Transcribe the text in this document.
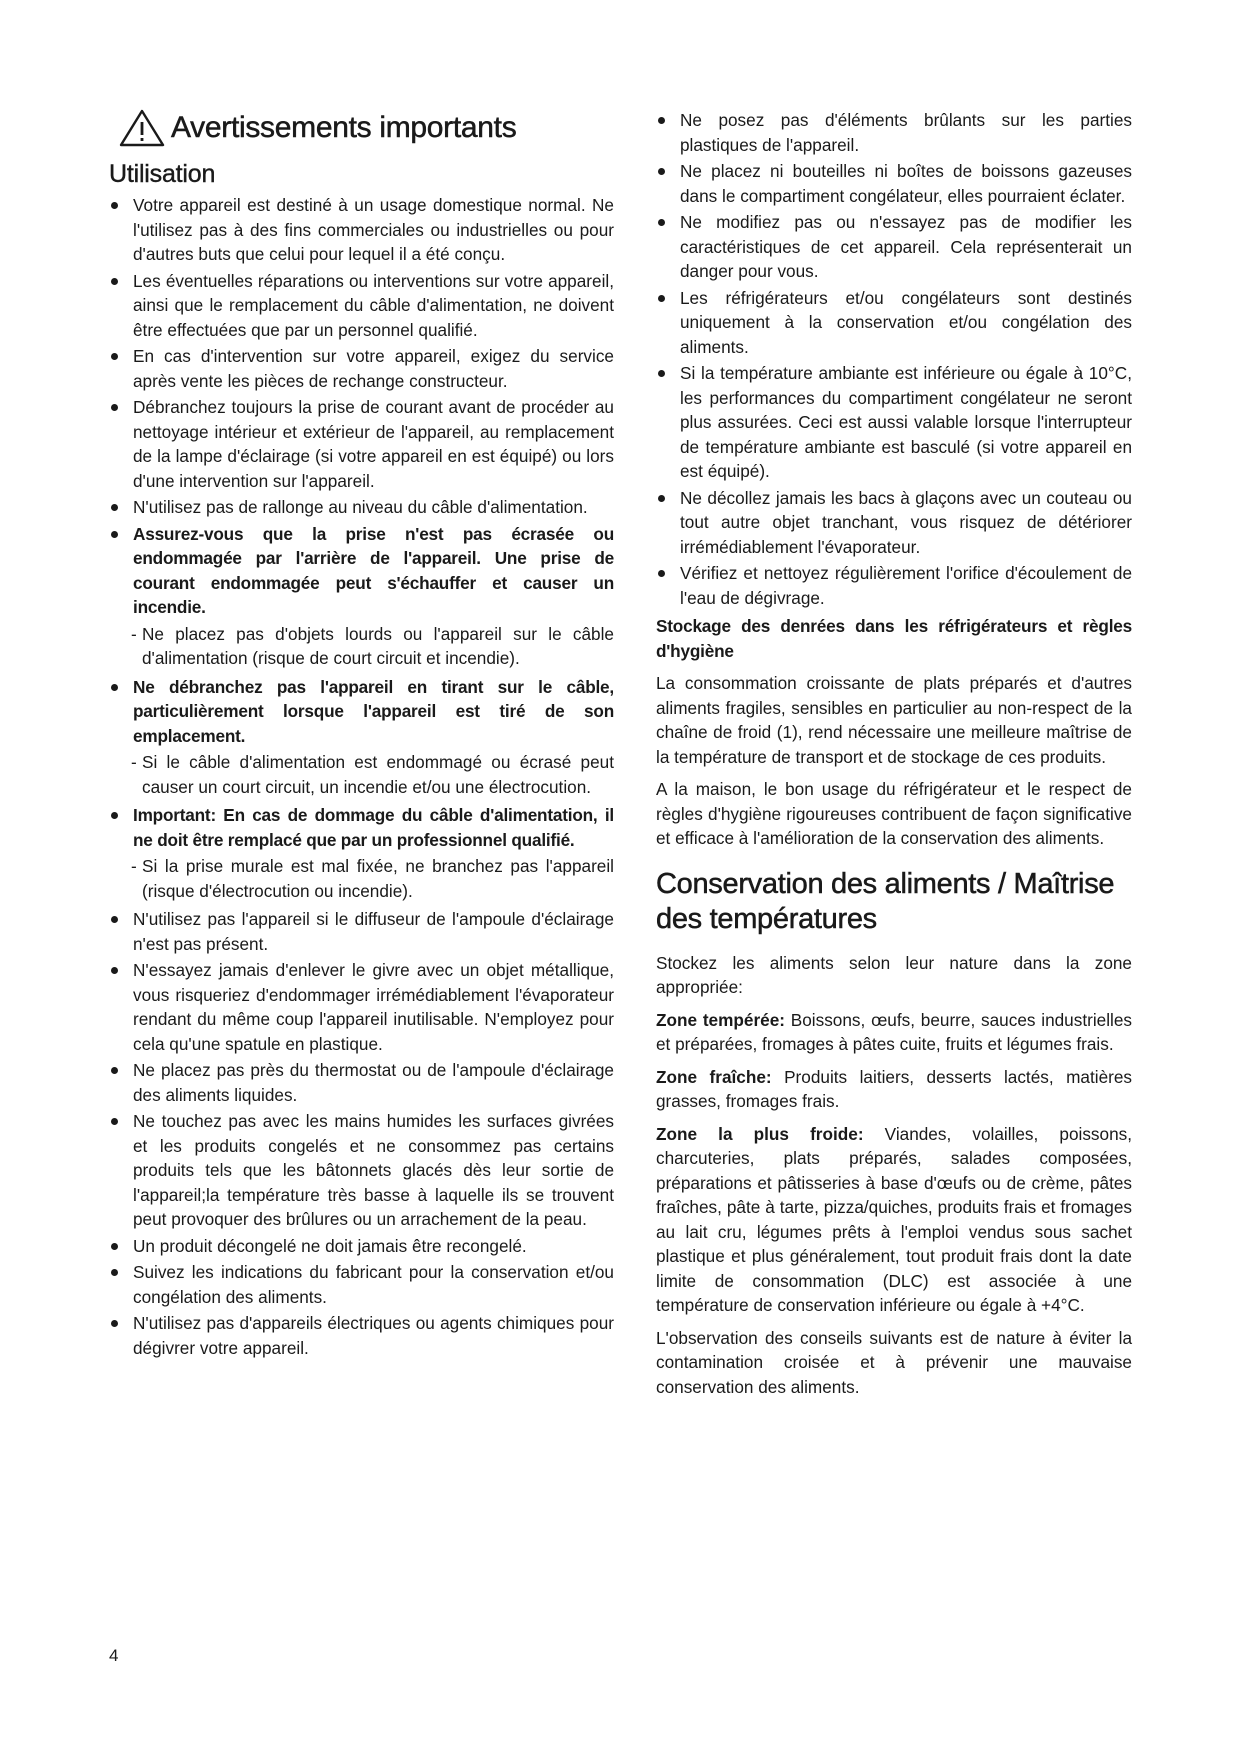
Avertissements importants
Utilisation
Votre appareil est destiné à un usage domestique normal. Ne l'utilisez pas à des fins commerciales ou industrielles ou pour d'autres buts que celui pour lequel il a été conçu.
Les éventuelles réparations ou interventions sur votre appareil, ainsi que le remplacement du câble d'alimentation, ne doivent être effectuées que par un personnel qualifié.
En cas d'intervention sur votre appareil, exigez du service après vente les pièces de rechange constructeur.
Débranchez toujours la prise de courant avant de procéder au nettoyage intérieur et extérieur de l'appareil, au remplacement de la lampe d'éclairage (si votre appareil en est équipé) ou lors d'une intervention sur l'appareil.
N'utilisez pas de rallonge au niveau du câble d'alimentation.
Assurez-vous que la prise n'est pas écrasée ou endommagée par l'arrière de l'appareil. Une prise de courant endommagée peut s'échauffer et causer un incendie.
- Ne placez pas d'objets lourds ou l'appareil sur le câble d'alimentation (risque de court circuit et incendie).
Ne débranchez pas l'appareil en tirant sur le câble, particulièrement lorsque l'appareil est tiré de son emplacement.
- Si le câble d'alimentation est endommagé ou écrasé peut causer un court circuit, un incendie et/ou une électrocution.
Important: En cas de dommage du câble d'alimentation, il ne doit être remplacé que par un professionnel qualifié.
- Si la prise murale est mal fixée, ne branchez pas l'appareil (risque d'électrocution ou incendie).
N'utilisez pas l'appareil si le diffuseur de l'ampoule d'éclairage n'est pas présent.
N'essayez jamais d'enlever le givre avec un objet métallique, vous risqueriez d'endommager irrémédiablement l'évaporateur rendant du même coup l'appareil inutilisable. N'employez pour cela qu'une spatule en plastique.
Ne placez pas près du thermostat ou de l'ampoule d'éclairage des aliments liquides.
Ne touchez pas avec les mains humides les surfaces givrées et les produits congelés et ne consommez pas certains produits tels que les bâtonnets glacés dès leur sortie de l'appareil;la température très basse à laquelle ils se trouvent peut provoquer des brûlures ou un arrachement de la peau.
Un produit décongelé ne doit jamais être recongelé.
Suivez les indications du fabricant pour la conservation et/ou congélation des aliments.
N'utilisez pas d'appareils électriques ou agents chimiques pour dégivrer votre appareil.
Ne posez pas d'éléments brûlants sur les parties plastiques de l'appareil.
Ne placez ni bouteilles ni boîtes de boissons gazeuses dans le compartiment congélateur, elles pourraient éclater.
Ne modifiez pas ou n'essayez pas de modifier les caractéristiques de cet appareil. Cela représenterait un danger pour vous.
Les réfrigérateurs et/ou congélateurs sont destinés uniquement à la conservation et/ou congélation des aliments.
Si la température ambiante est inférieure ou égale à 10°C, les performances du compartiment congélateur ne seront plus assurées. Ceci est aussi valable lorsque l'interrupteur de température ambiante est basculé (si votre appareil en est équipé).
Ne décollez jamais les bacs à glaçons avec un couteau ou tout autre objet tranchant, vous risquez de détériorer irrémédiablement l'évaporateur.
Vérifiez et nettoyez régulièrement l'orifice d'écoulement de l'eau de dégivrage.

Stockage des denrées dans les réfrigérateurs et règles d'hygiène

La consommation croissante de plats préparés et d'autres aliments fragiles, sensibles en particulier au non-respect de la chaîne de froid (1), rend nécessaire une meilleure maîtrise de la température de transport et de stockage de ces produits.

A la maison, le bon usage du réfrigérateur et le respect de règles d'hygiène rigoureuses contribuent de façon significative et efficace à l'amélioration de la conservation des aliments.

Conservation des aliments / Maîtrise des températures

Stockez les aliments selon leur nature dans la zone appropriée:

Zone tempérée: Boissons, œufs, beurre, sauces industrielles et préparées, fromages à pâtes cuite, fruits et légumes frais.

Zone fraîche: Produits laitiers, desserts lactés, matières grasses, fromages frais.

Zone la plus froide: Viandes, volailles, poissons, charcuteries, plats préparés, salades composées, préparations et pâtisseries à base d'œufs ou de crème, pâtes fraîches, pâte à tarte, pizza/quiches, produits frais et fromages au lait cru, légumes prêts à l'emploi vendus sous sachet plastique et plus généralement, tout produit frais dont la date limite de consommation (DLC) est associée à une température de conservation inférieure ou égale à +4°C.

L'observation des conseils suivants est de nature à éviter la contamination croisée et à prévenir une mauvaise conservation des aliments.

4
